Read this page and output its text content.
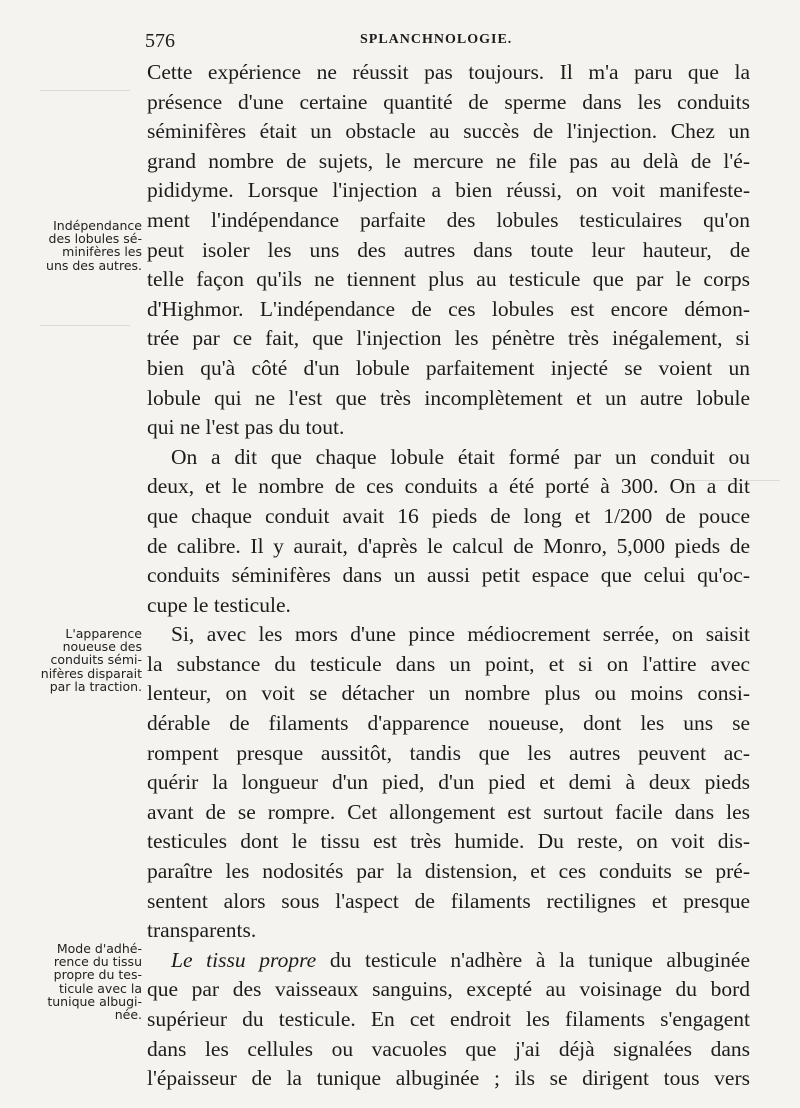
576	SPLANCHNOLOGIE.
Indépendance
des lobules sé-
minifères les
uns des autres.
L'apparence
noueuse des
conduits sémi-
nifères disparait
par la traction.
Mode d'adhé-
rence du tissu
propre du tes-
ticule avec la
tunique albugi-
née.
Cette expérience ne réussit pas toujours. Il m'a paru que la
présence d'une certaine quantité de sperme dans les conduits
séminifères était un obstacle au succès de l'injection. Chez un
grand nombre de sujets, le mercure ne file pas au delà de l'é-
pididyme. Lorsque l'injection a bien réussi, on voit manifeste-
ment l'indépendance parfaite des lobules testiculaires qu'on
peut isoler les uns des autres dans toute leur hauteur, de
telle façon qu'ils ne tiennent plus au testicule que par le corps
d'Highmor. L'indépendance de ces lobules est encore démon-
trée par ce fait, que l'injection les pénètre très inégalement, si
bien qu'à côté d'un lobule parfaitement injecté se voient un
lobule qui ne l'est que très incomplètement et un autre lobule
qui ne l'est pas du tout.
On a dit que chaque lobule était formé par un conduit ou
deux, et le nombre de ces conduits a été porté à 300. On a dit
que chaque conduit avait 16 pieds de long et 1/200 de pouce
de calibre. Il y aurait, d'après le calcul de Monro, 5,000 pieds de
conduits séminifères dans un aussi petit espace que celui qu'oc-
cupe le testicule.
Si, avec les mors d'une pince médiocrement serrée, on saisit
la substance du testicule dans un point, et si on l'attire avec
lenteur, on voit se détacher un nombre plus ou moins consi-
dérable de filaments d'apparence noueuse, dont les uns se
rompent presque aussitôt, tandis que les autres peuvent ac-
quérir la longueur d'un pied, d'un pied et demi à deux pieds
avant de se rompre. Cet allongement est surtout facile dans les
testicules dont le tissu est très humide. Du reste, on voit dis-
paraître les nodosités par la distension, et ces conduits se pré-
sentent alors sous l'aspect de filaments rectilignes et presque
transparents.
Le tissu propre du testicule n'adhère à la tunique albuginée
que par des vaisseaux sanguins, excepté au voisinage du bord
supérieur du testicule. En cet endroit les filaments s'engagent
dans les cellules ou vacuoles que j'ai déjà signalées dans
l'épaisseur de la tunique albuginée ; ils se dirigent tous vers
